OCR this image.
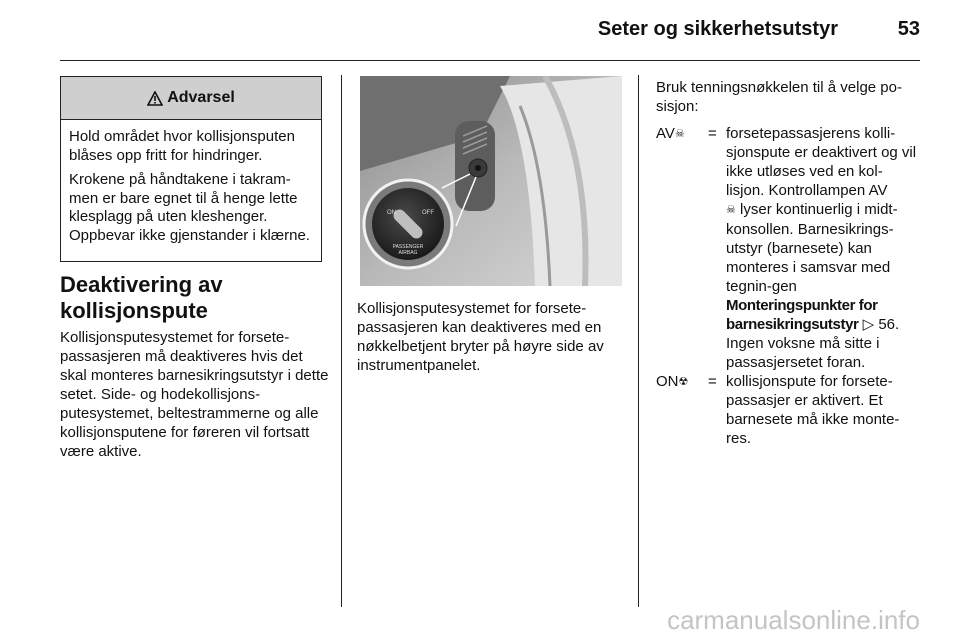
Seter og sikkerhetsutstyr	53
Advarsel

Hold området hvor kollisjonsputen blåses opp fritt for hindringer.

Krokene på håndtakene i takram-men er bare egnet til å henge lette klesplagg på uten kleshenger. Oppbevar ikke gjenstander i klærne.

Deaktivering av kollisjonspute

Kollisjonsputesystemet for forsete-passasjeren må deaktiveres hvis det skal monteres barnesikringsutstyr i dette setet. Side- og hodekollisjons-putesystemet, beltestrammerne og alle kollisjonsputene for føreren vil fortsatt være aktive.

ON	OFF
PASSENGER
AIRBAG

Kollisjonsputesystemet for forsete-passasjeren kan deaktiveres med en nøkkelbetjent bryter på høyre side av instrumentpanelet.

Bruk tenningsnøkkelen til å velge po-sisjon:

AV☠	=	forsetepassasjerens kolli-sjonspute er deaktivert og vil ikke utløses ved en kol-lisjon. Kontrollampen AV
☠ lyser kontinuerlig i midt-konsollen. Barnesikrings-utstyr (barnesete) kan monteres i samsvar med tegnin-gen Monteringspunkter for barnesikringsutstyr ▷ 56. Ingen voksne må sitte i passasjersetet foran.
ON☢	=	kollisjonspute for forsete-passasjer er aktivert. Et barnesete må ikke monte-res.
carmanualsonline.info
